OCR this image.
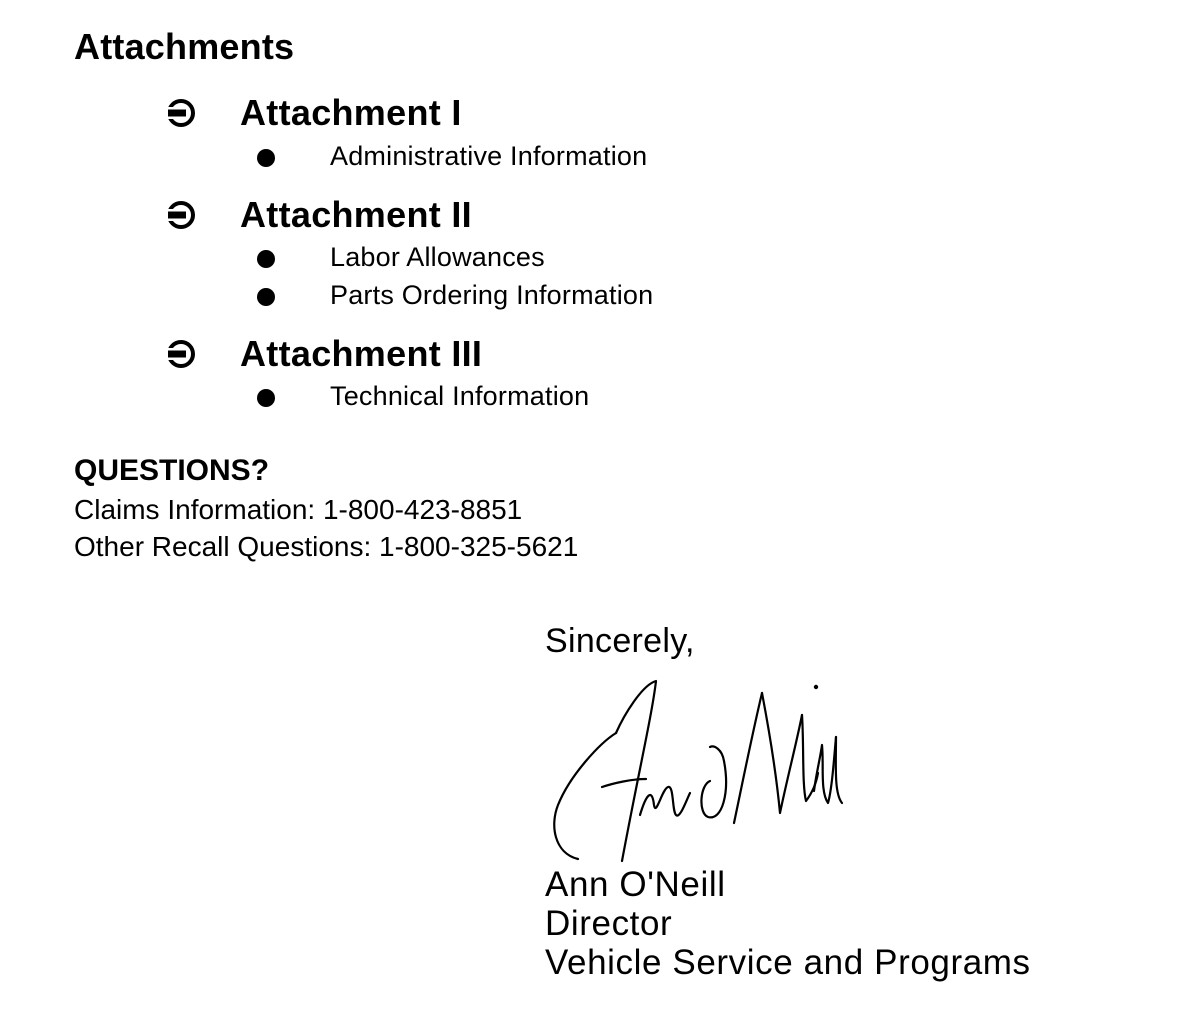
Attachments
Attachment I
Administrative Information
Attachment II
Labor Allowances
Parts Ordering Information
Attachment III
Technical Information
QUESTIONS?
Claims Information: 1-800-423-8851
Other Recall Questions: 1-800-325-5621
Sincerely,
Ann O'Neill
Director
Vehicle Service and Programs
